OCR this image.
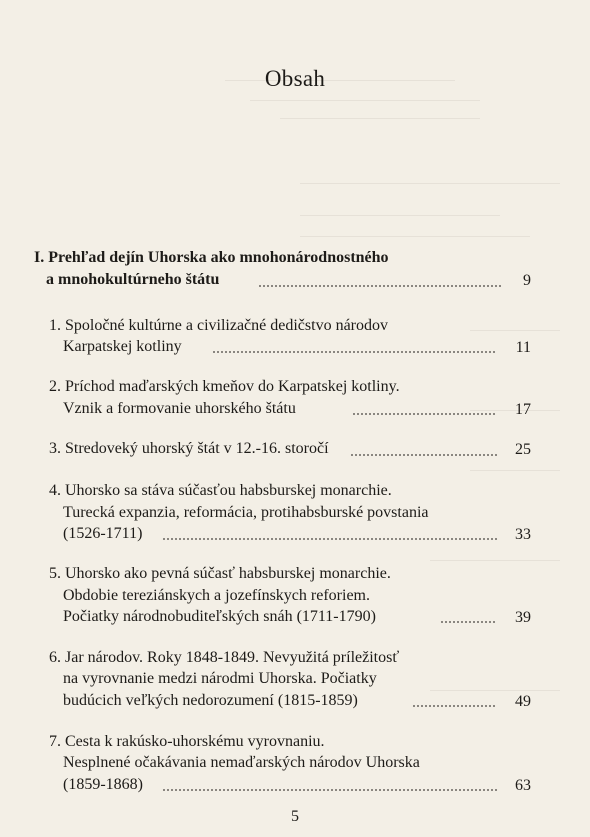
Obsah
I. Prehľad dejín Uhorska ako mnohonárodnostného
a mnohokultúrneho štátu	9
1. Spoločné kultúrne a civilizačné dedičstvo národov
Karpatskej kotliny	11
2. Príchod maďarských kmeňov do Karpatskej kotliny.
Vznik a formovanie uhorského štátu	17
3. Stredoveký uhorský štát v 12.-16. storočí	25
4. Uhorsko sa stáva súčasťou habsburskej monarchie.
Turecká expanzia, reformácia, protihabsburské povstania
(1526-1711)	33
5. Uhorsko ako pevná súčasť habsburskej monarchie.
Obdobie tereziánskych a jozefínskych reforiem.
Počiatky národnobuditeľských snáh (1711-1790)	39
6. Jar národov. Roky 1848-1849. Nevyužitá príležitosť
na vyrovnanie medzi národmi Uhorska. Počiatky
budúcich veľkých nedorozumení (1815-1859)	49
7. Cesta k rakúsko-uhorskému vyrovnaniu.
Nesplnené očakávania nemaďarských národov Uhorska
(1859-1868)	63
5
